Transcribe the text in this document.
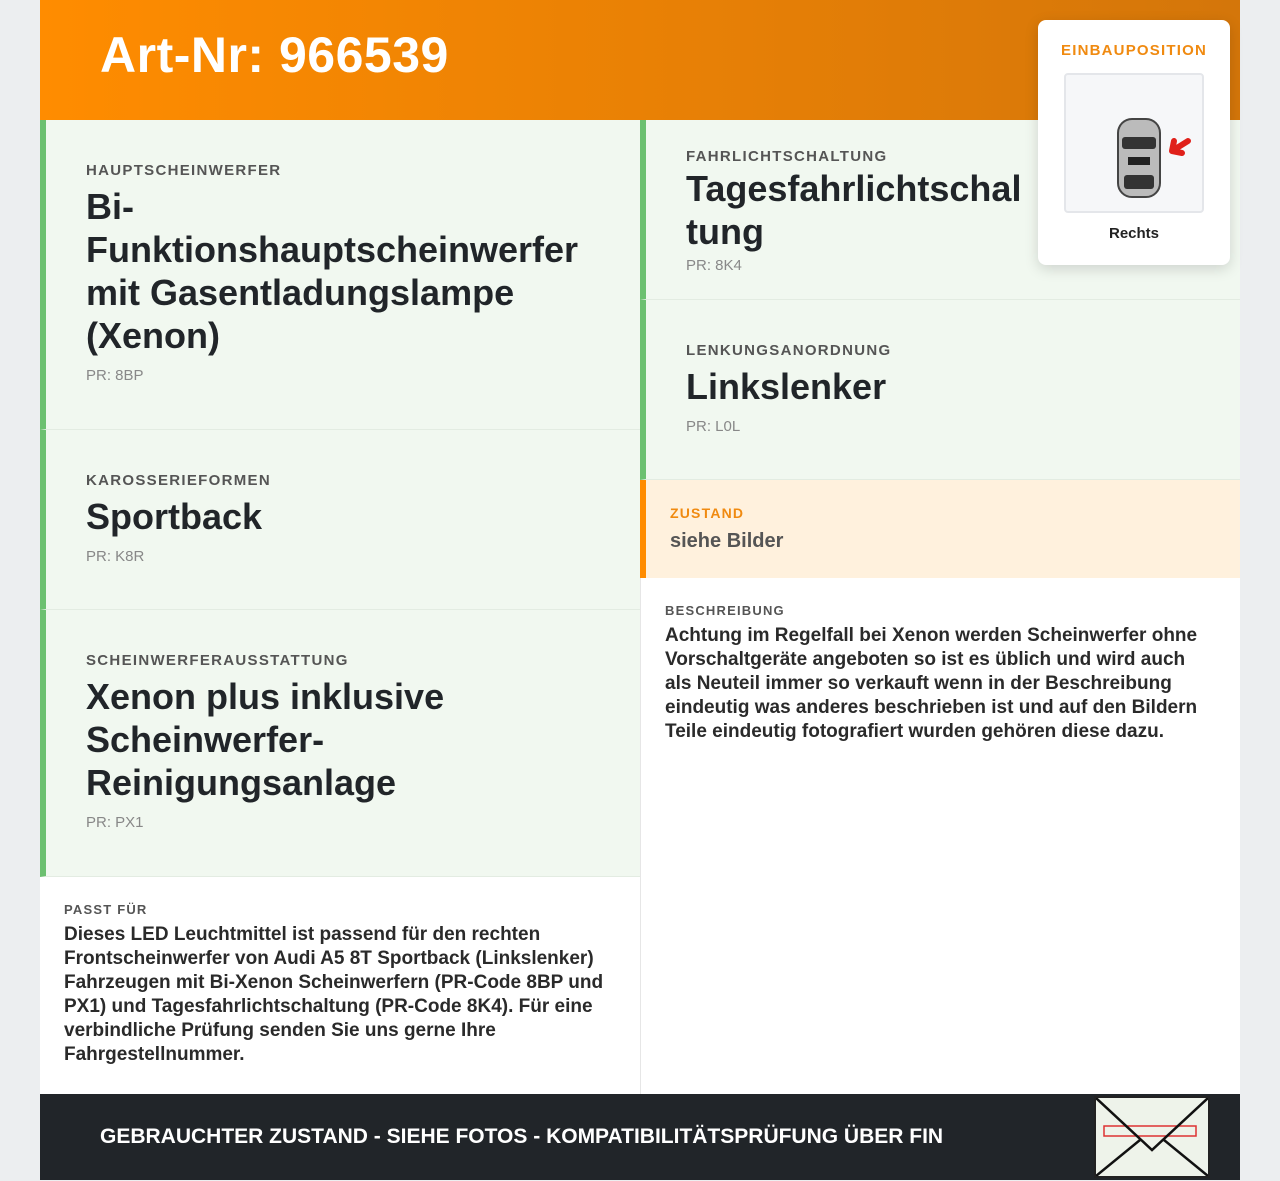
Art-Nr: 966539
HAUPTSCHEINWERFER
Bi-Funktionshauptscheinwerfer mit Gasentladungslampe (Xenon)
PR: 8BP
KAROSSERIEFORMEN
Sportback
PR: K8R
SCHEINWERFERAUSSTATTUNG
Xenon plus inklusive Scheinwerfer-Reinigungsanlage
PR: PX1
FAHRLICHTSCHALTUNG
Tagesfahrlichtschaltung
PR: 8K4
LENKUNGSANORDNUNG
Linkslenker
PR: L0L
ZUSTAND
siehe Bilder
BESCHREIBUNG
Achtung im Regelfall bei Xenon werden Scheinwerfer ohne Vorschaltgeräte angeboten so ist es üblich und wird auch als Neuteil immer so verkauft wenn in der Beschreibung eindeutig was anderes beschrieben ist und auf den Bildern Teile eindeutig fotografiert wurden gehören diese dazu.
PASST FÜR
Dieses LED Leuchtmittel ist passend für den rechten Frontscheinwerfer von Audi A5 8T Sportback (Linkslenker) Fahrzeugen mit Bi-Xenon Scheinwerfern (PR-Code 8BP und PX1) und Tagesfahrlichtschaltung (PR-Code 8K4). Für eine verbindliche Prüfung senden Sie uns gerne Ihre Fahrgestellnummer.
EINBAUPOSITION
Rechts
GEBRAUCHTER ZUSTAND - SIEHE FOTOS - KOMPATIBILITÄTSPRÜFUNG ÜBER FIN
